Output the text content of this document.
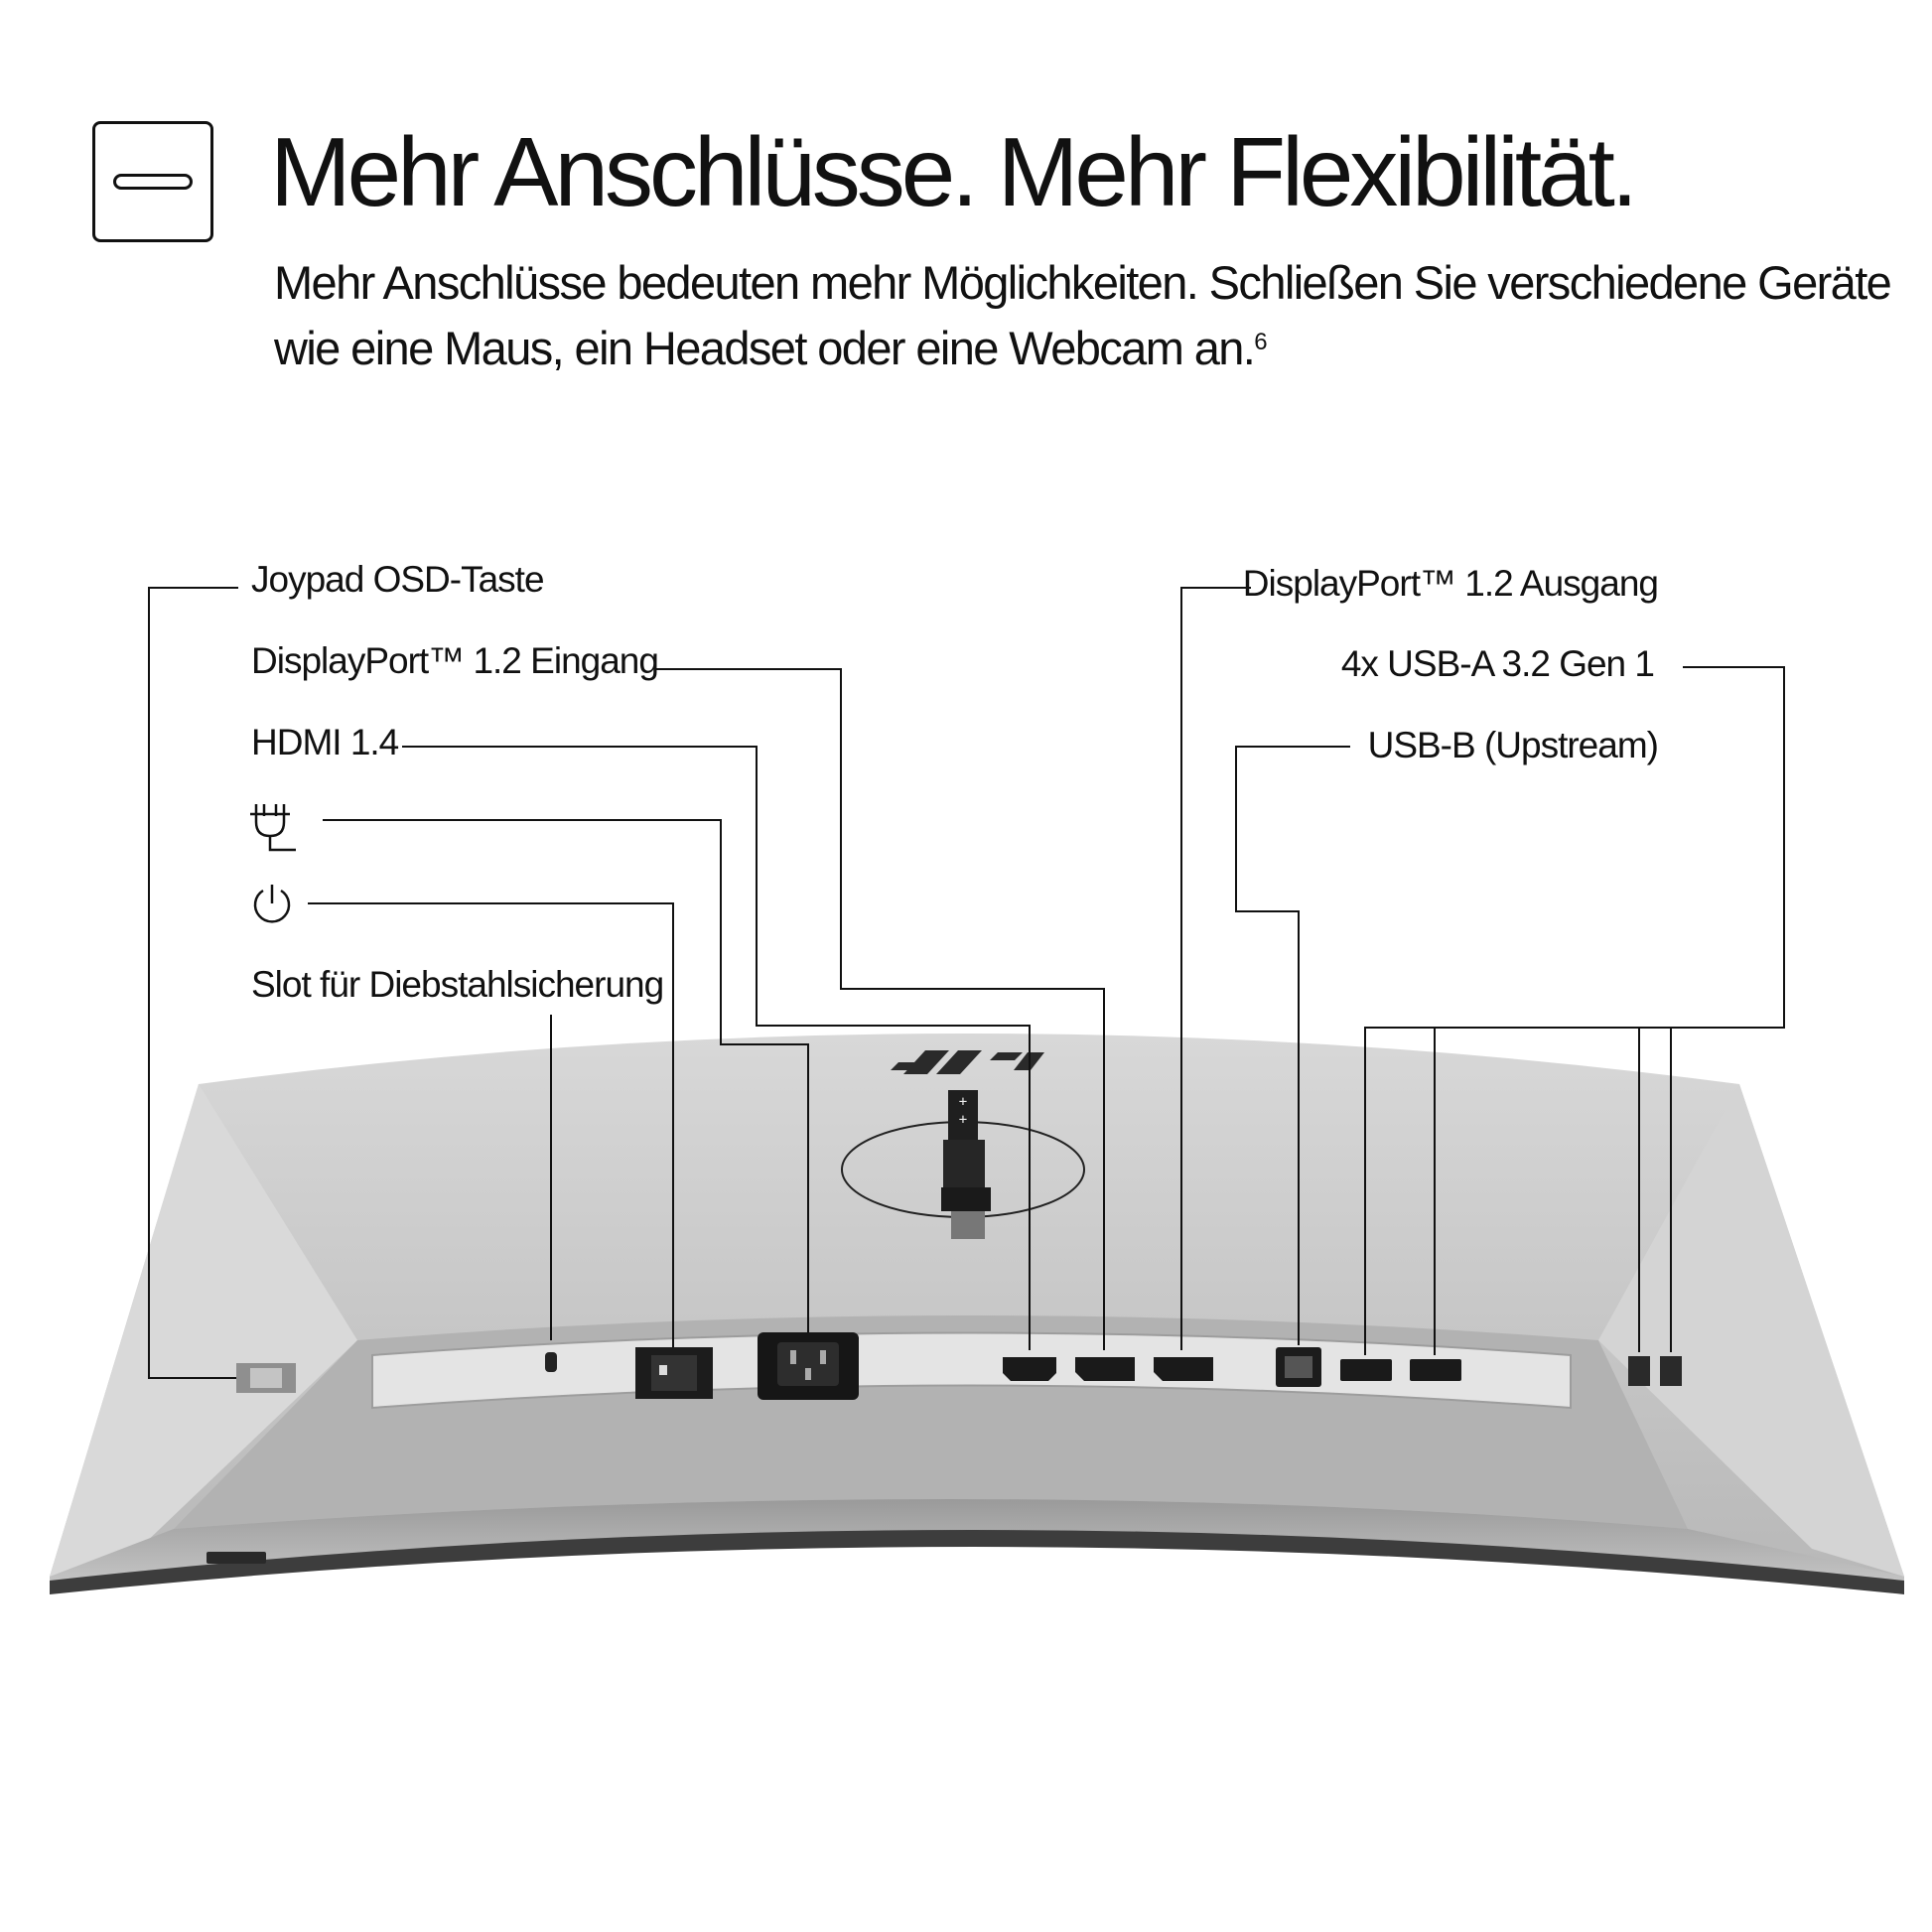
Mehr Anschlüsse. Mehr Flexibilität.

Mehr Anschlüsse bedeuten mehr Möglichkeiten. Schließen Sie verschiedene Geräte wie eine Maus, ein Headset oder eine Webcam an.$^6$

Joypad OSD-Taste
DisplayPort™ 1.2 Eingang
HDMI 1.4
Slot für Diebstahlsicherung
DisplayPort™ 1.2 Ausgang
4x USB-A 3.2 Gen 1
USB-B (Upstream)
+
+
